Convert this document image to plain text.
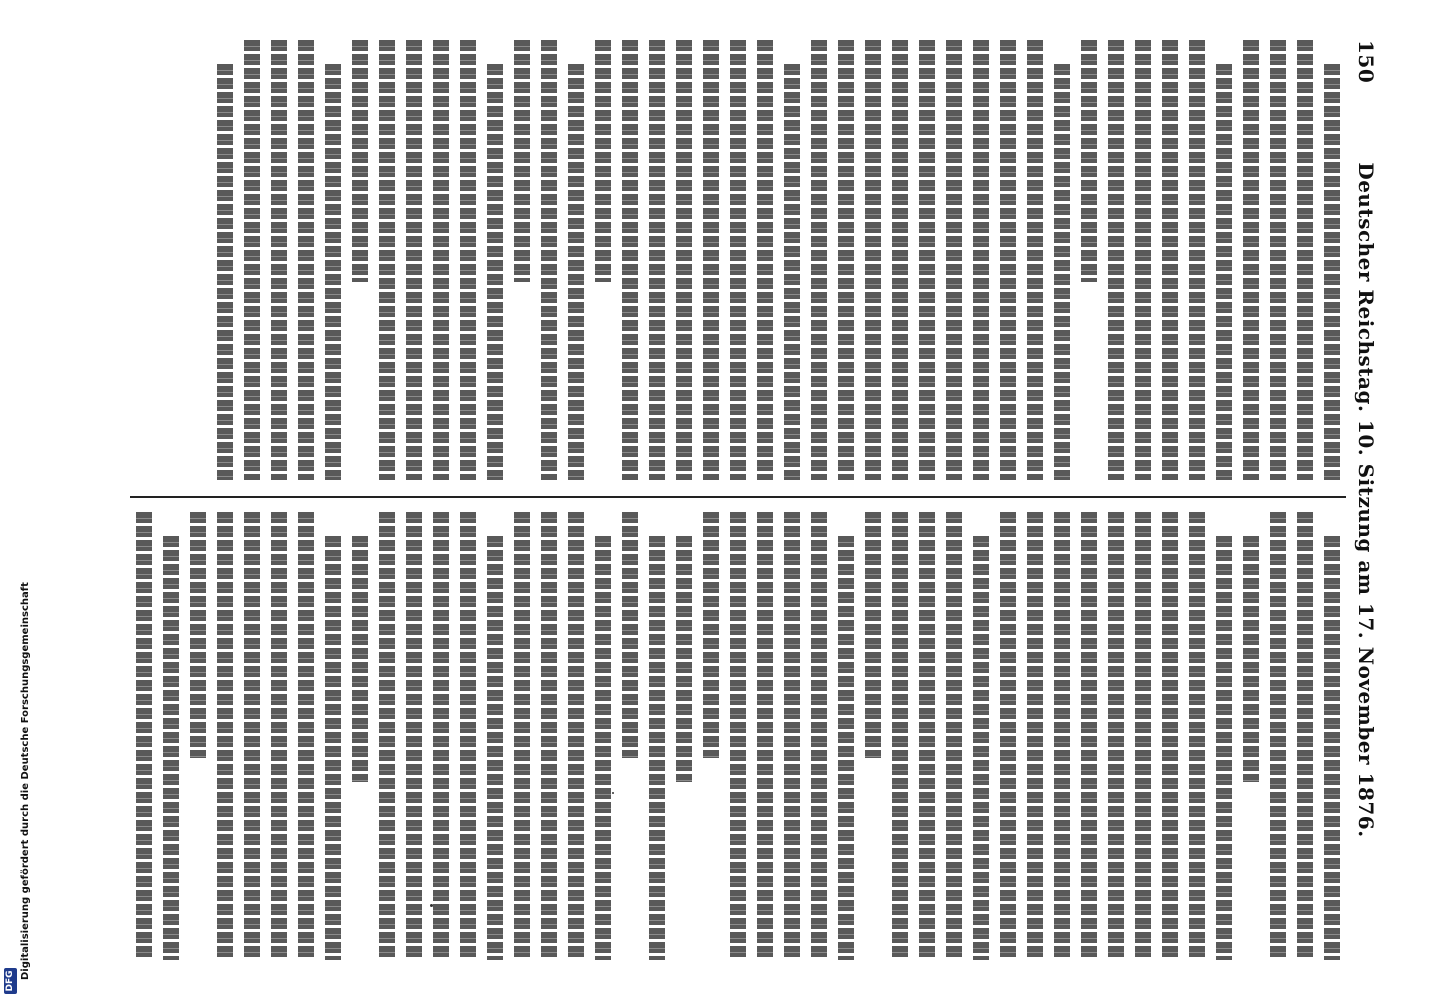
150
Deutscher Reichstag. 10. Sitzung am 17. November 1876.
Digitalisierung gefördert durch die Deutsche Forschungsgemeinschaft
DFG
